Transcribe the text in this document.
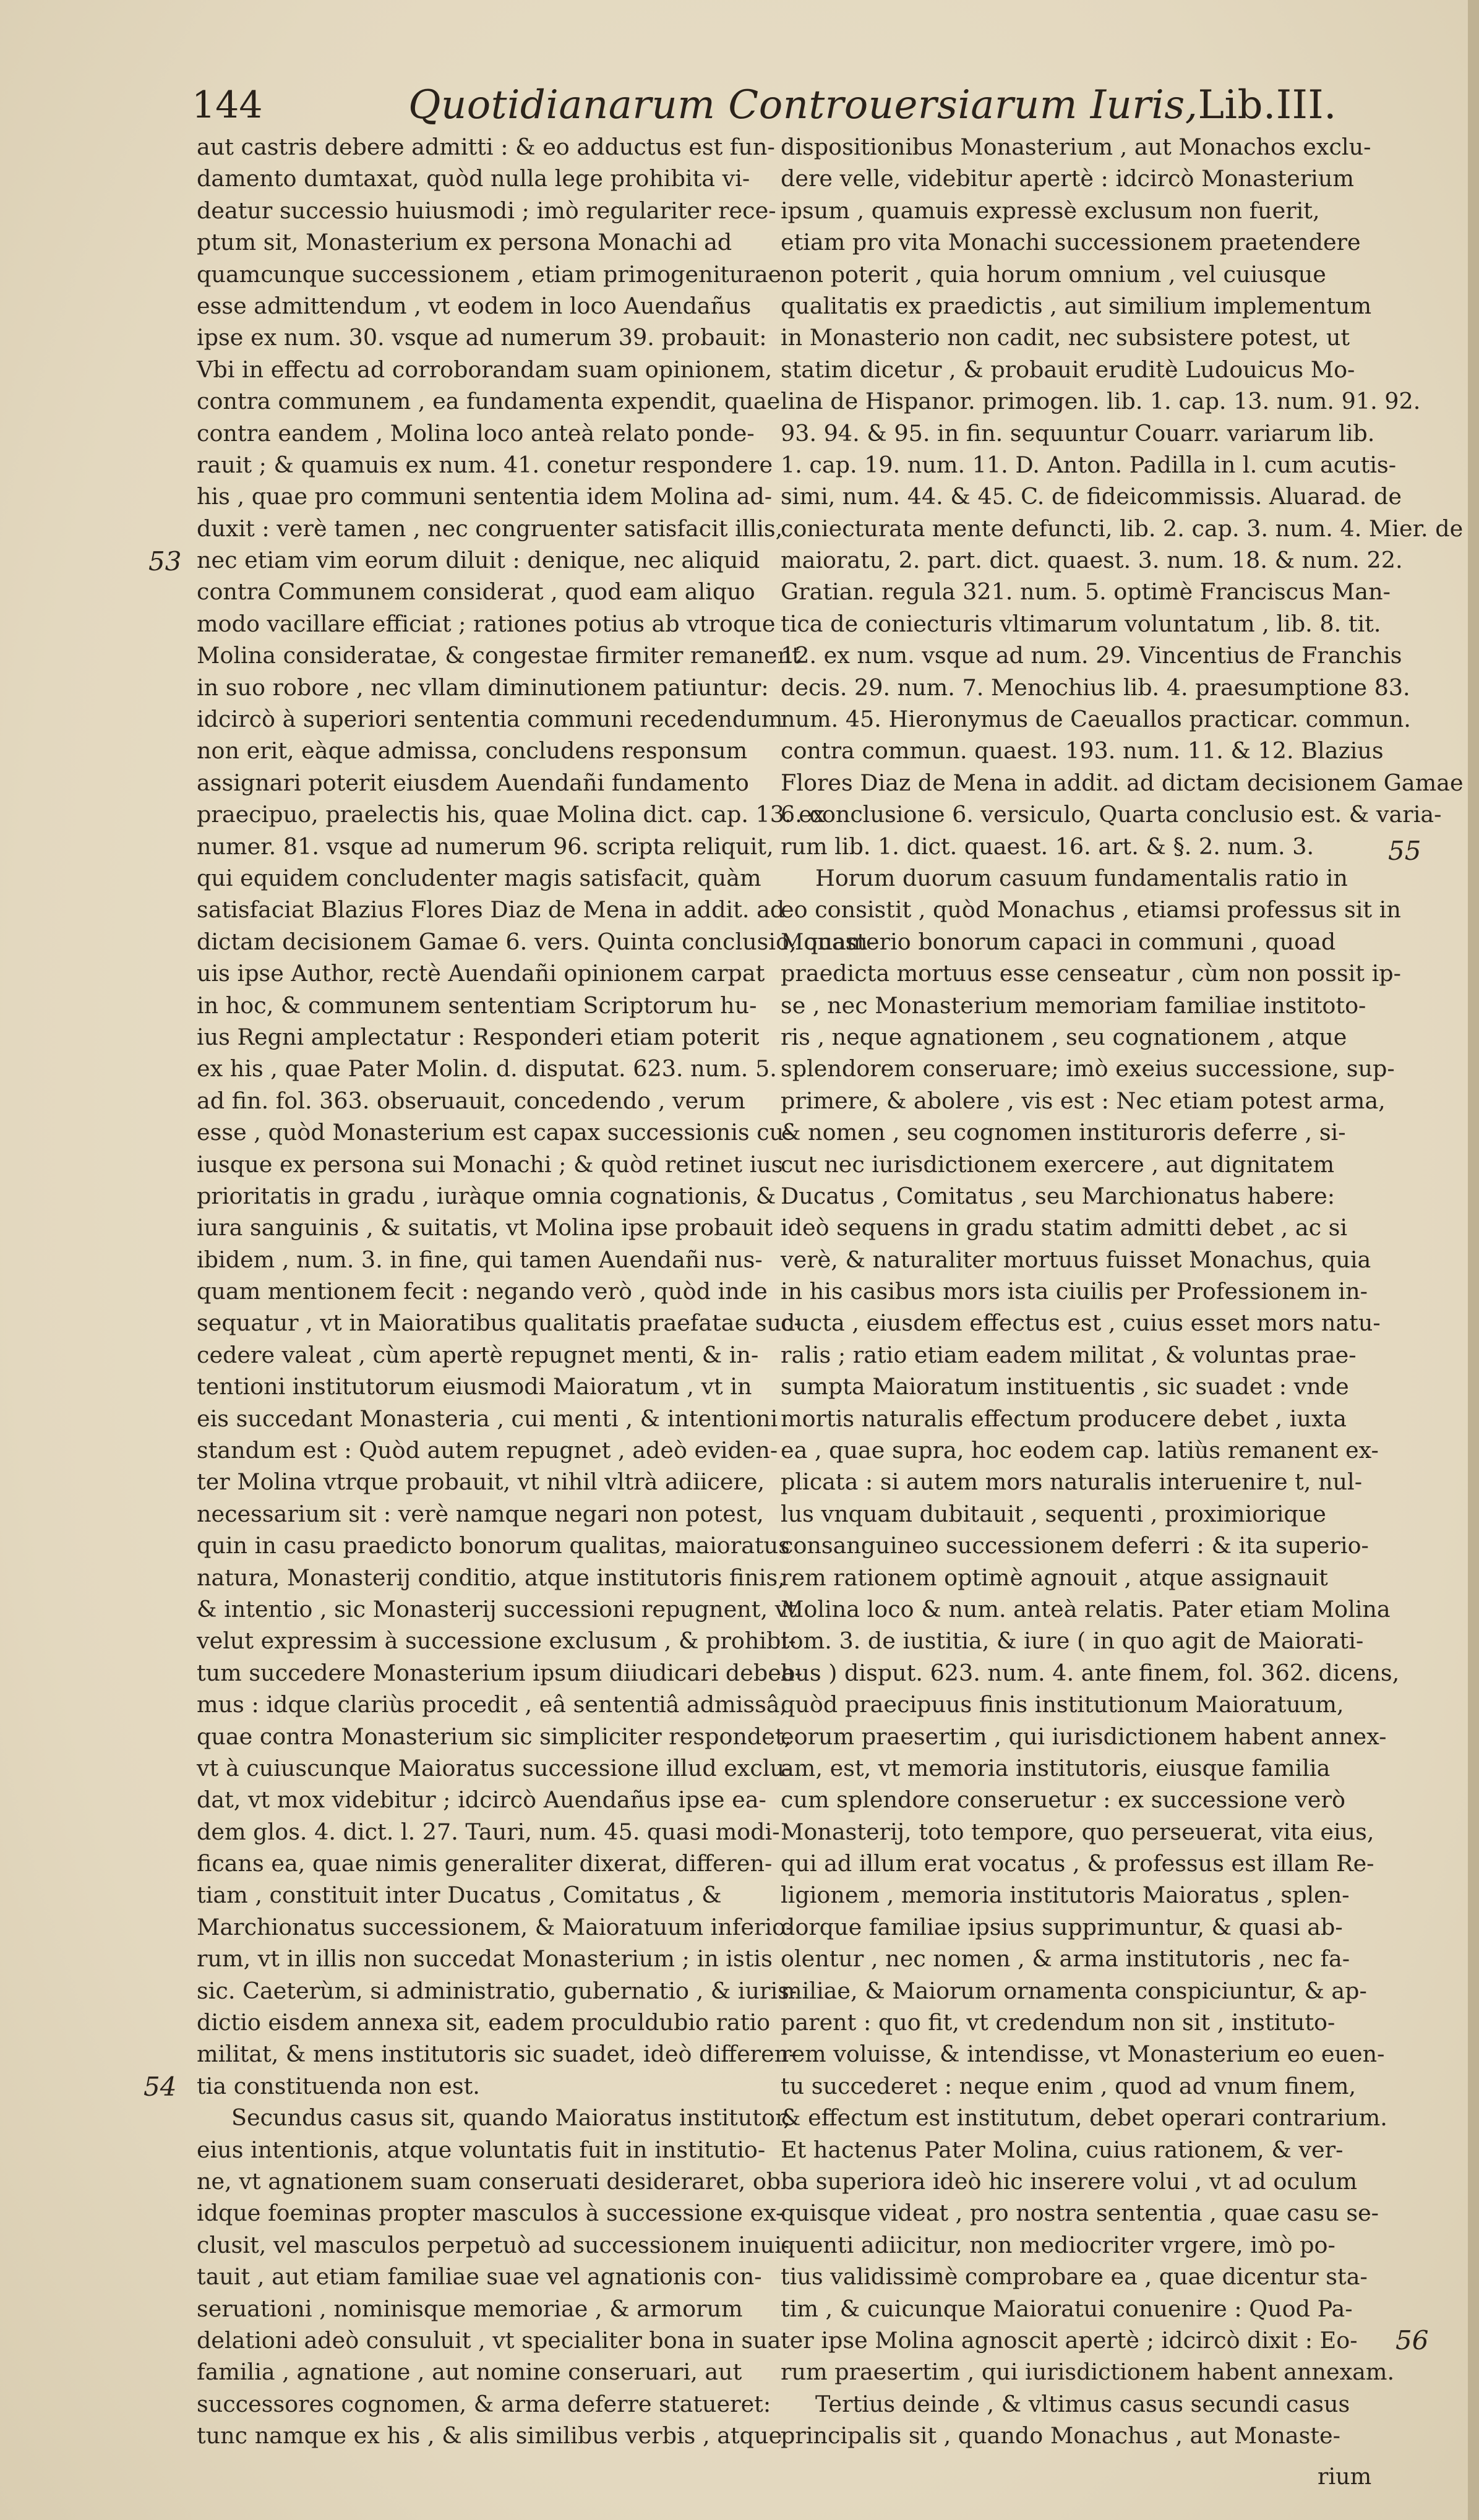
144	Quotidianarum Controuersiarum Iuris,Lib.III.
aut castris debere admitti : & eo adductus est fun-
damento dumtaxat, quòd nulla lege prohibita vi-
deatur successio huiusmodi ; imò regulariter rece-
ptum sit, Monasterium ex persona Monachi ad
quamcunque successionem , etiam primogeniturae
esse admittendum , vt eodem in loco Auendañus
ipse ex num. 30. vsque ad numerum 39. probauit:
Vbi in effectu ad corroborandam suam opinionem,
contra communem , ea fundamenta expendit, quae
contra eandem , Molina loco anteà relato ponde-
rauit ; & quamuis ex num. 41. conetur respondere
his , quae pro communi sententia idem Molina ad-
duxit : verè tamen , nec congruenter satisfacit illis,
nec etiam vim eorum diluit : denique, nec aliquid
contra Communem considerat , quod eam aliquo
modo vacillare efficiat ; rationes potius ab vtroque
Molina consideratae, & congestae firmiter remanent
in suo robore , nec vllam diminutionem patiuntur:
idcircò à superiori sententia communi recedendum
non erit, eàque admissa, concludens responsum
assignari poterit eiusdem Auendañi fundamento
praecipuo, praelectis his, quae Molina dict. cap. 13. ex
numer. 81. vsque ad numerum 96. scripta reliquit,
qui equidem concludenter magis satisfacit, quàm
satisfaciat Blazius Flores Diaz de Mena in addit. ad
dictam decisionem Gamae 6. vers. Quinta conclusio, quam-
uis ipse Author, rectè Auendañi opinionem carpat
in hoc, & communem sententiam Scriptorum hu-
ius Regni amplectatur : Responderi etiam poterit
ex his , quae Pater Molin. d. disputat. 623. num. 5.
ad fin. fol. 363. obseruauit, concedendo , verum
esse , quòd Monasterium est capax successionis cu-
iusque ex persona sui Monachi ; & quòd retinet ius
prioritatis in gradu , iuràque omnia cognationis, &
iura sanguinis , & suitatis, vt Molina ipse probauit
ibidem , num. 3. in fine, qui tamen Auendañi nus-
quam mentionem fecit : negando verò , quòd inde
sequatur , vt in Maioratibus qualitatis praefatae suc-
cedere valeat , cùm apertè repugnet menti, & in-
tentioni institutorum eiusmodi Maioratum , vt in
eis succedant Monasteria , cui menti , & intentioni
standum est : Quòd autem repugnet , adeò eviden-
ter Molina vtrque probauit, vt nihil vltrà adiicere,
necessarium sit : verè namque negari non potest,
quin in casu praedicto bonorum qualitas, maioratus
natura, Monasterij conditio, atque institutoris finis,
& intentio , sic Monasterij successioni repugnent, vt
velut expressim à successione exclusum , & prohibi-
tum succedere Monasterium ipsum diiudicari debea-
mus : idque clariùs procedit , eâ sententiâ admissâ,
quae contra Monasterium sic simpliciter respondet,
vt à cuiuscunque Maioratus successione illud exclu-
dat, vt mox videbitur ; idcircò Auendañus ipse ea-
dem glos. 4. dict. l. 27. Tauri, num. 45. quasi modi-
ficans ea, quae nimis generaliter dixerat, differen-
tiam , constituit inter Ducatus , Comitatus , &
Marchionatus successionem, & Maioratuum inferio-
rum, vt in illis non succedat Monasterium ; in istis
sic. Caeterùm, si administratio, gubernatio , & iuris-
dictio eisdem annexa sit, eadem proculdubio ratio
militat, & mens institutoris sic suadet, ideò differen-
tia constituenda non est.
Secundus casus sit, quando Maioratus institutor,
eius intentionis, atque voluntatis fuit in institutio-
ne, vt agnationem suam conseruati desideraret, ob
idque foeminas propter masculos à successione ex-
clusit, vel masculos perpetuò ad successionem inui-
tauit , aut etiam familiae suae vel agnationis con-
seruationi , nominisque memoriae , & armorum
delationi adeò consuluit , vt specialiter bona in sua
familia , agnatione , aut nomine conseruari, aut
successores cognomen, & arma deferre statueret:
tunc namque ex his , & alis similibus verbis , atque
dispositionibus Monasterium , aut Monachos exclu-
dere velle, videbitur apertè : idcircò Monasterium
ipsum , quamuis expressè exclusum non fuerit,
etiam pro vita Monachi successionem praetendere
non poterit , quia horum omnium , vel cuiusque
qualitatis ex praedictis , aut similium implementum
in Monasterio non cadit, nec subsistere potest, ut
statim dicetur , & probauit eruditè Ludouicus Mo-
lina de Hispanor. primogen. lib. 1. cap. 13. num. 91. 92.
93. 94. & 95. in fin. sequuntur Couarr. variarum lib.
1. cap. 19. num. 11. D. Anton. Padilla in l. cum acutis-
simi, num. 44. & 45. C. de fideicommissis. Aluarad. de
coniecturata mente defuncti, lib. 2. cap. 3. num. 4. Mier. de
maioratu, 2. part. dict. quaest. 3. num. 18. & num. 22.
Gratian. regula 321. num. 5. optimè Franciscus Man-
tica de coniecturis vltimarum voluntatum , lib. 8. tit.
12. ex num. vsque ad num. 29. Vincentius de Franchis
decis. 29. num. 7. Menochius lib. 4. praesumptione 83.
num. 45. Hieronymus de Caeuallos practicar. commun.
contra commun. quaest. 193. num. 11. & 12. Blazius
Flores Diaz de Mena in addit. ad dictam decisionem Gamae
6. conclusione 6. versiculo, Quarta conclusio est. & varia-
rum lib. 1. dict. quaest. 16. art. & §. 2. num. 3.
Horum duorum casuum fundamentalis ratio in
eo consistit , quòd Monachus , etiamsi professus sit in
Monasterio bonorum capaci in communi , quoad
praedicta mortuus esse censeatur , cùm non possit ip-
se , nec Monasterium memoriam familiae institoto-
ris , neque agnationem , seu cognationem , atque
splendorem conseruare; imò exeius successione, sup-
primere, & abolere , vis est : Nec etiam potest arma,
& nomen , seu cognomen instituroris deferre , si-
cut nec iurisdictionem exercere , aut dignitatem
Ducatus , Comitatus , seu Marchionatus habere:
ideò sequens in gradu statim admitti debet , ac si
verè, & naturaliter mortuus fuisset Monachus, quia
in his casibus mors ista ciuilis per Professionem in-
ducta , eiusdem effectus est , cuius esset mors natu-
ralis ; ratio etiam eadem militat , & voluntas prae-
sumpta Maioratum instituentis , sic suadet : vnde
mortis naturalis effectum producere debet , iuxta
ea , quae supra, hoc eodem cap. latiùs remanent ex-
plicata : si autem mors naturalis interuenire t, nul-
lus vnquam dubitauit , sequenti , proximiorique
consanguineo successionem deferri : & ita superio-
rem rationem optimè agnouit , atque assignauit
Molina loco & num. anteà relatis. Pater etiam Molina
tom. 3. de iustitia, & iure ( in quo agit de Maiorati-
bus ) disput. 623. num. 4. ante finem, fol. 362. dicens,
quòd praecipuus finis institutionum Maioratuum,
eorum praesertim , qui iurisdictionem habent annex-
am, est, vt memoria institutoris, eiusque familia
cum splendore conseruetur : ex successione verò
Monasterij, toto tempore, quo perseuerat, vita eius,
qui ad illum erat vocatus , & professus est illam Re-
ligionem , memoria institutoris Maioratus , splen-
dorque familiae ipsius supprimuntur, & quasi ab-
olentur , nec nomen , & arma institutoris , nec fa-
miliae, & Maiorum ornamenta conspiciuntur, & ap-
parent : quo fit, vt credendum non sit , instituto-
rem voluisse, & intendisse, vt Monasterium eo euen-
tu succederet : neque enim , quod ad vnum finem,
& effectum est institutum, debet operari contrarium.
Et hactenus Pater Molina, cuius rationem, & ver-
ba superiora ideò hic inserere volui , vt ad oculum
quisque videat , pro nostra sententia , quae casu se-
quenti adiicitur, non mediocriter vrgere, imò po-
tius validissimè comprobare ea , quae dicentur sta-
tim , & cuicunque Maioratui conuenire : Quod Pa-
ter ipse Molina agnoscit apertè ; idcircò dixit : Eo-
rum praesertim , qui iurisdictionem habent annexam.
Tertius deinde , & vltimus casus secundi casus
principalis sit , quando Monachus , aut Monaste-
53
54
55
56
rium
